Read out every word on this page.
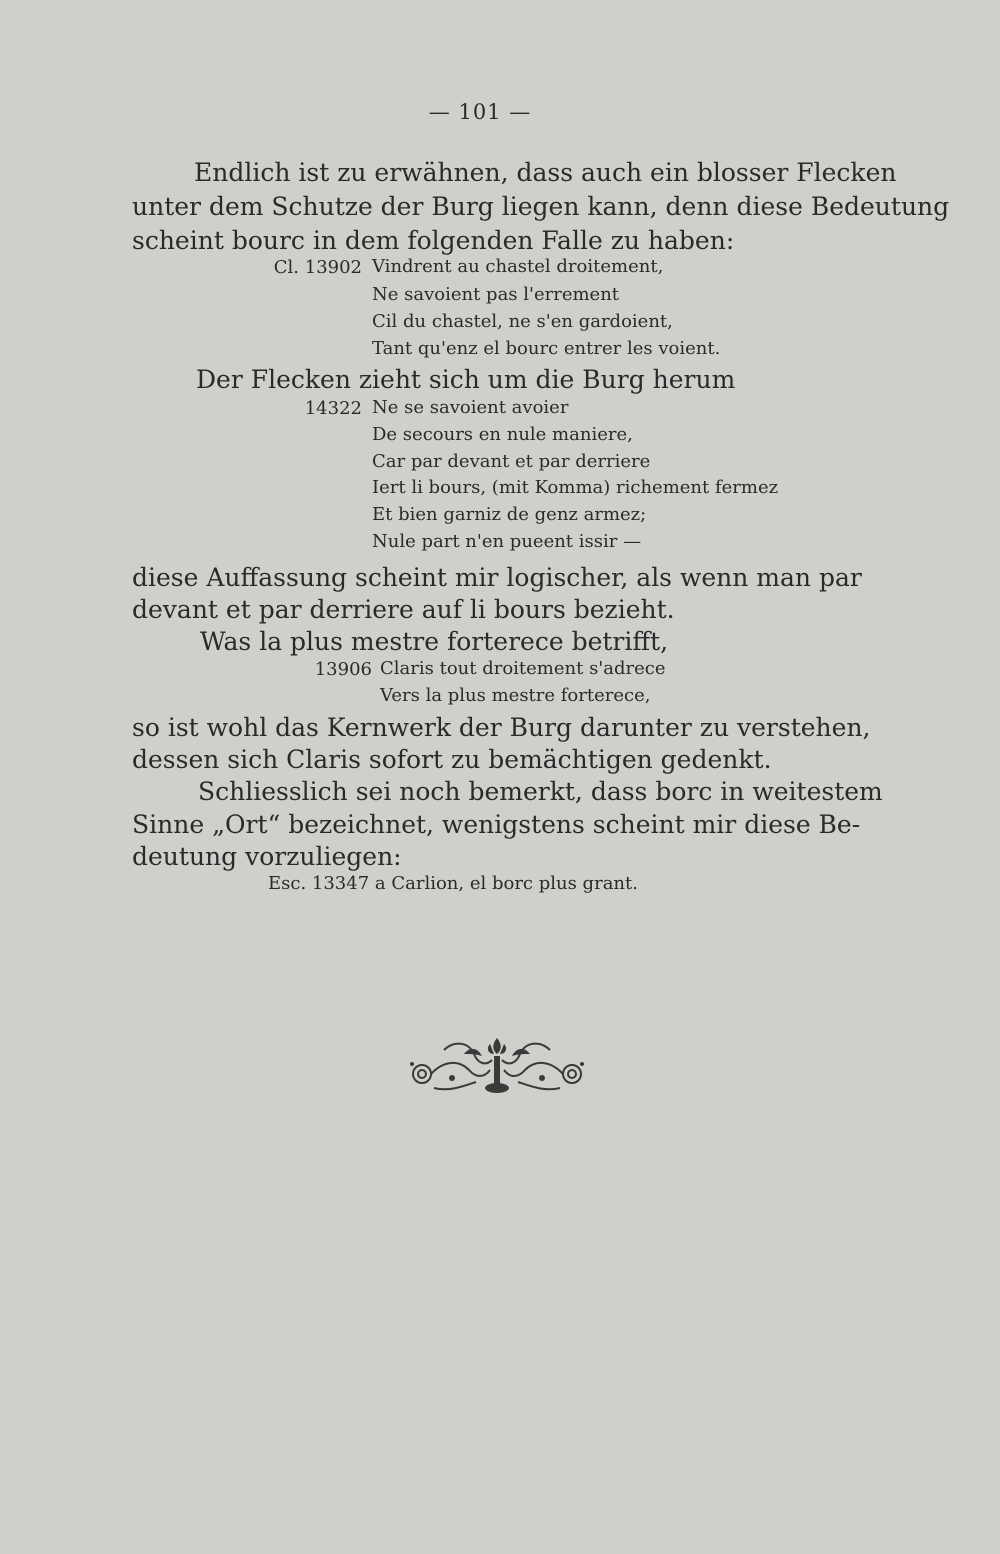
— 101 —
Endlich ist zu erwähnen, dass auch ein blosser Flecken
unter dem Schutze der Burg liegen kann, denn diese Bedeutung
scheint bourc in dem folgenden Falle zu haben:
Cl. 13902 Vindrent au chastel droitement,
Ne savoient pas l'errement
Cil du chastel, ne s'en gardoient,
Tant qu'enz el bourc entrer les voient.
Der Flecken zieht sich um die Burg herum
14322 Ne se savoient avoier
De secours en nule maniere,
Car par devant et par derriere
Iert li bours, (mit Komma) richement fermez
Et bien garniz de genz armez;
Nule part n'en pueent issir —
diese Auffassung scheint mir logischer, als wenn man par
devant et par derriere auf li bours bezieht.
Was la plus mestre forterece betrifft,
13906 Claris tout droitement s'adrece
Vers la plus mestre forterece,
so ist wohl das Kernwerk der Burg darunter zu verstehen,
dessen sich Claris sofort zu bemächtigen gedenkt.
Schliesslich sei noch bemerkt, dass borc in weitestem
Sinne „Ort“ bezeichnet, wenigstens scheint mir diese Be-
deutung vorzuliegen:
Esc. 13347 a Carlion, el borc plus grant.
